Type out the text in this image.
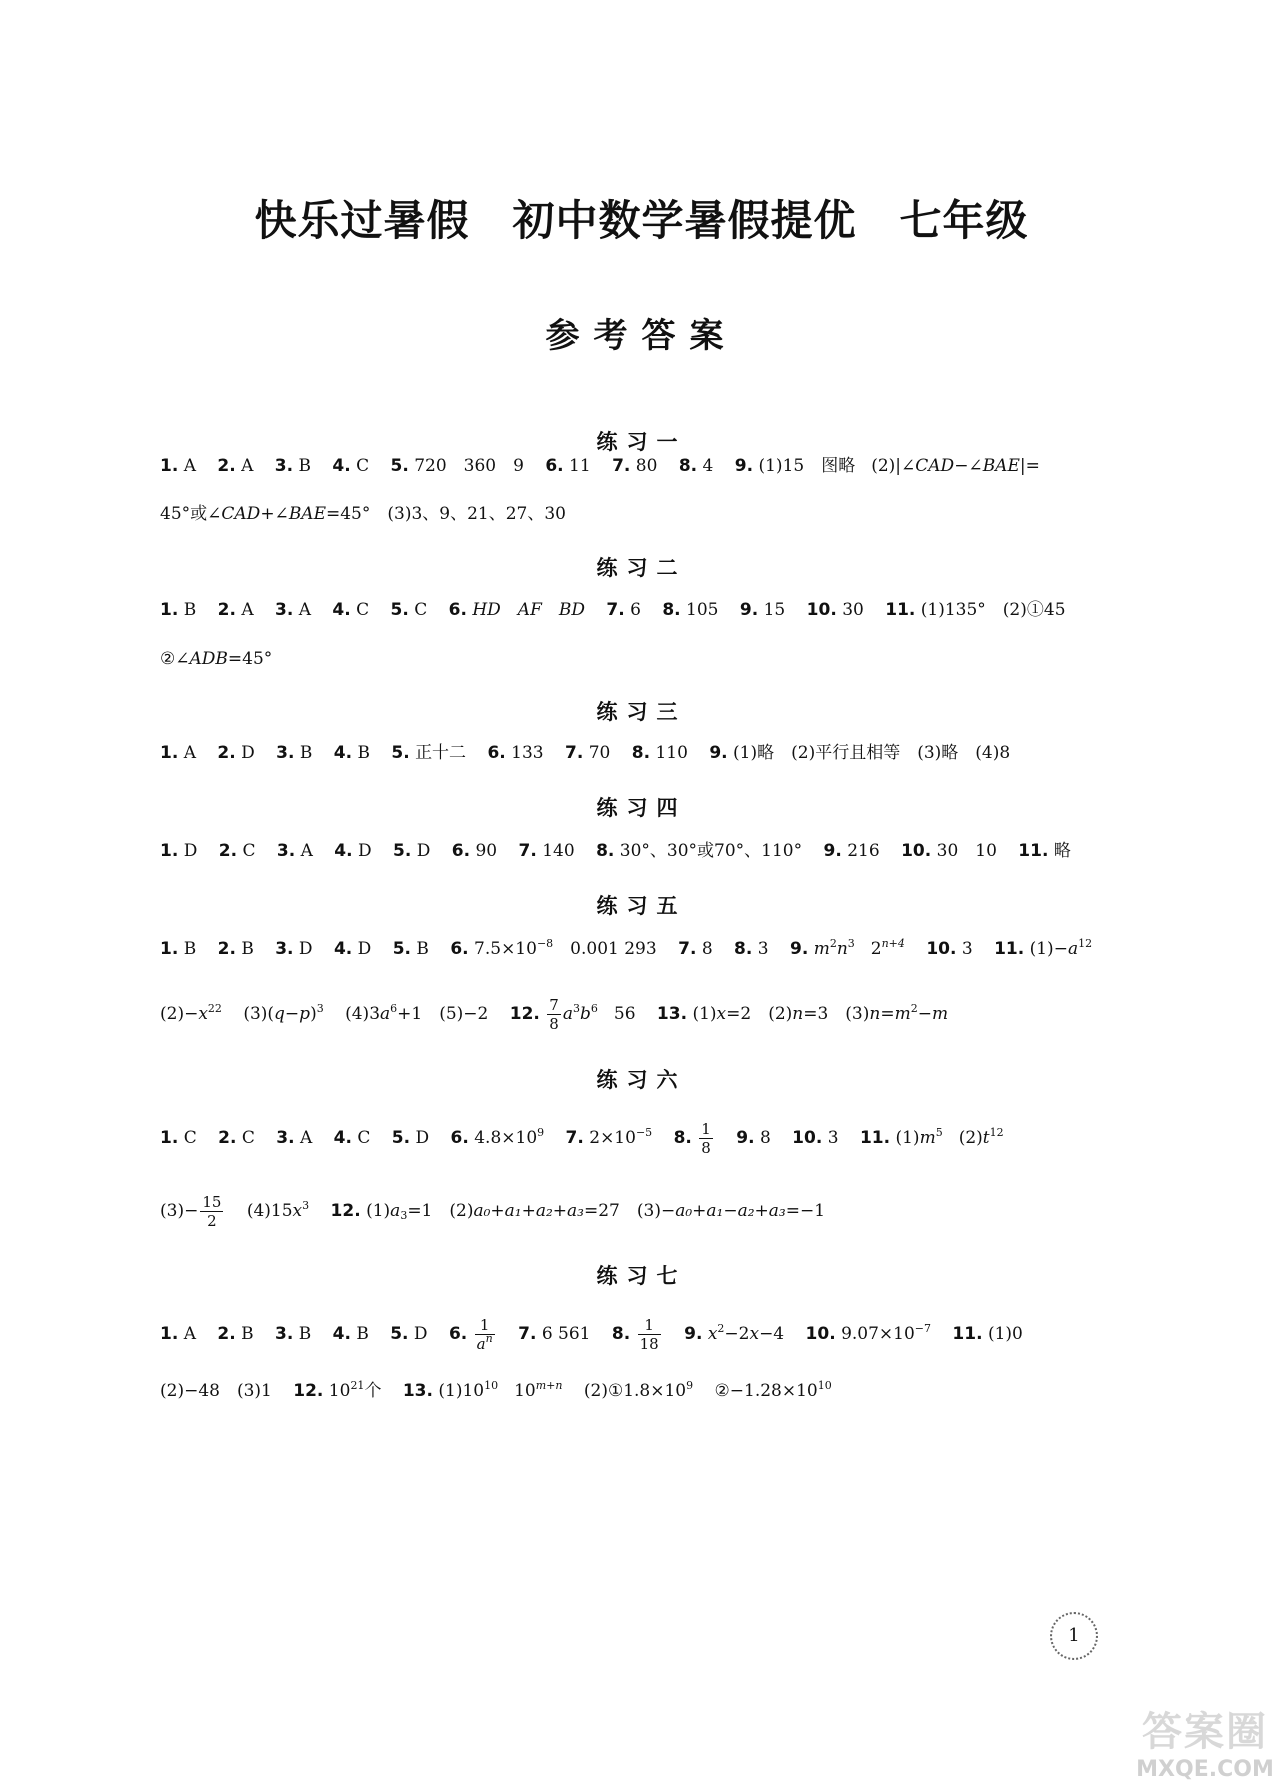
快乐过暑假　初中数学暑假提优　七年级
参考答案
练习一
1. A 2. A 3. B 4. C 5. 720　360　9 6. 11 7. 80 8. 4 9. (1)15　图略 (2)|∠CAD−∠BAE|=
45°或∠CAD+∠BAE=45°　(3)3、9、21、27、30
练习二
1. B 2. A 3. A 4. C 5. C 6. HD　AF　BD 7. 6 8. 105 9. 15 10. 30 11. (1)135°　(2)①45
②∠ADB=45°
练习三
1. A 2. D 3. B 4. B 5. 正十二 6. 133 7. 70 8. 110 9. (1)略　(2)平行且相等　(3)略　(4)8
练习四
1. D 2. C 3. A 4. D 5. D 6. 90 7. 140 8. 30°、30°或70°、110° 9. 216 10. 30　10 11. 略
练习五
1. B 2. B 3. D 4. D 5. B 6. $7.5\times 10^{-8}$　0.001 293 7. 8 8. 3 9. $m^2n^3$ $2^{n+4}$ 10. 3 11. $(1)-a^{12}$
$(2)-x^{22}$ $(3)(q-p)^3$ $(4)3a^6+1$　(5)−2 12. $\frac{7}{8} a^3b^6$ 56 13. (1)x=2　(2)n=3　$(3)n=m^2-m$
练习六
1. C 2. C 3. A 4. C 5. D 6. $4.8\times 10^9$ 7. $2\times 10^{-5}$ 8. $\frac{1}{8} 9$. 8 10. 3 11. $(1)m^5$ $(2)t^{12}$
$(3)- \frac{15}{2} (4)15x^3$ 12. $(1)a_3=1$　(2)a₀+a₁+a₂+a₃=27　(3)−a₀+a₁−a₂+a₃=−1
练习七
1. A 2. B 3. B 4. B 5. D 6. $\frac{1}{a^n} 7$. 6 561 8. $\frac{1}{18} 9$. $x^2-2x-4$ 10. $9.07\times 10^{-7}$ 11. (1)0
(2)−48　(3)1 12. $10^{21}$个 13. $(1)10^{10}$ $10^{m+n}$ $(2)①1.8\times 10^9$ $②-1.28\times 10^{10}$
1
答案圈
MXQE.COM
